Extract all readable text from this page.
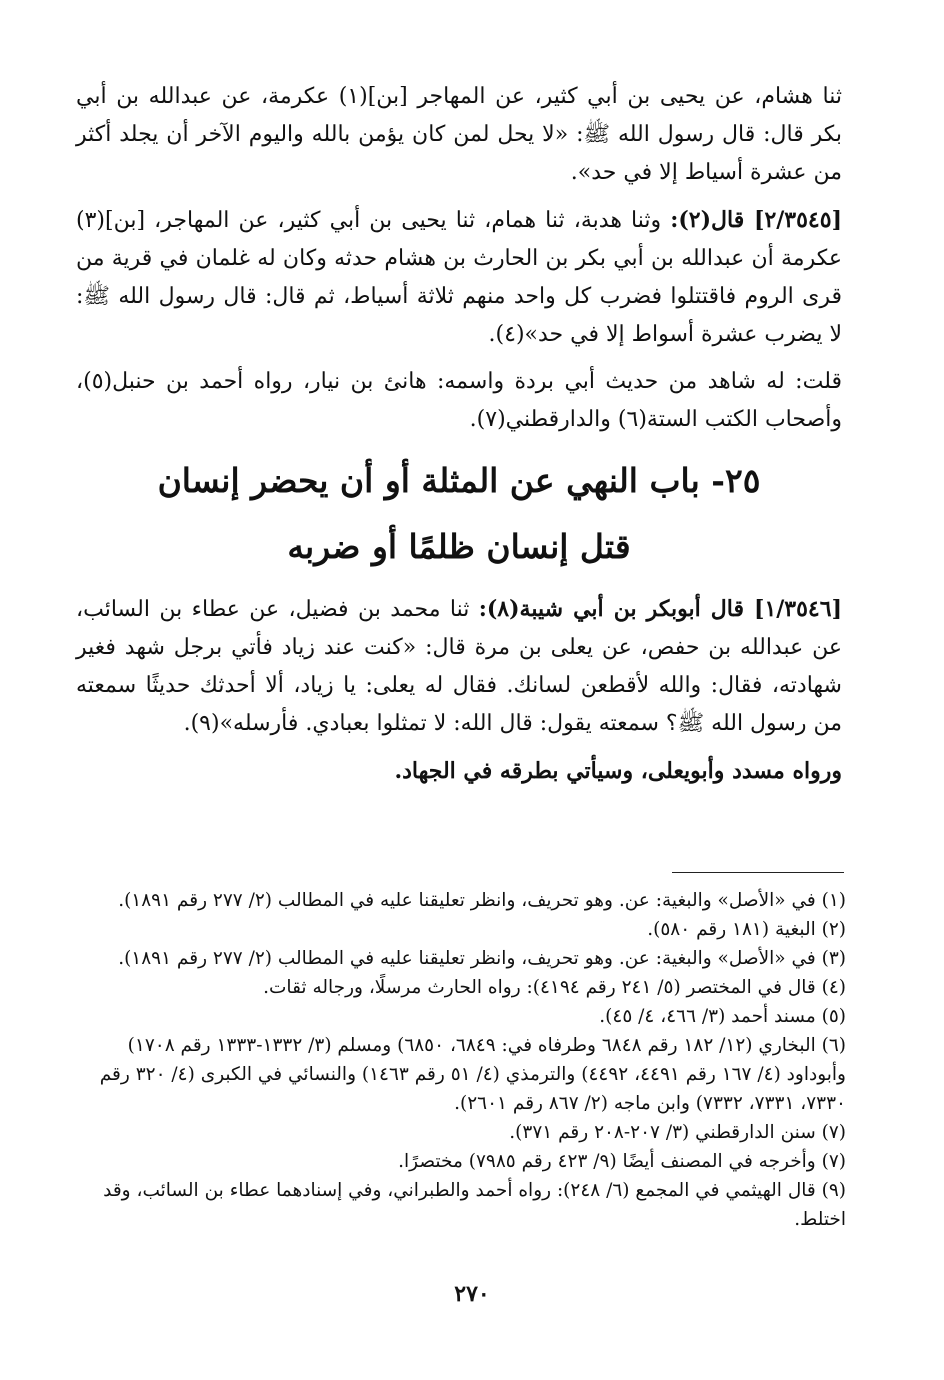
ثنا هشام، عن يحيى بن أبي كثير، عن المهاجر [بن](١) عكرمة، عن عبدالله بن أبي بكر قال: قال رسول الله ﷺ: «لا يحل لمن كان يؤمن بالله واليوم الآخر أن يجلد أكثر من عشرة أسياط إلا في حد».

[٢/٣٥٤٥] قال(٢): وثنا هدبة، ثنا همام، ثنا يحيى بن أبي كثير، عن المهاجر، [بن](٣) عكرمة أن عبدالله بن أبي بكر بن الحارث بن هشام حدثه وكان له غلمان في قرية من قرى الروم فاقتتلوا فضرب كل واحد منهم ثلاثة أسياط، ثم قال: قال رسول الله ﷺ: لا يضرب عشرة أسواط إلا في حد»(٤).

قلت: له شاهد من حديث أبي بردة واسمه: هانئ بن نيار، رواه أحمد بن حنبل(٥)، وأصحاب الكتب الستة(٦) والدارقطني(٧).

٢٥- باب النهي عن المثلة أو أن يحضر إنسان
قتل إنسان ظلمًا أو ضربه

[١/٣٥٤٦] قال أبوبكر بن أبي شيبة(٨): ثنا محمد بن فضيل، عن عطاء بن السائب، عن عبدالله بن حفص، عن يعلى بن مرة قال: «كنت عند زياد فأتي برجل شهد فغير شهادته، فقال: والله لأقطعن لسانك. فقال له يعلى: يا زياد، ألا أحدثك حديثًا سمعته من رسول الله ﷺ؟ سمعته يقول: قال الله: لا تمثلوا بعبادي. فأرسله»(٩).

ورواه مسدد وأبويعلى، وسيأتي بطرقه في الجهاد.

(١) في «الأصل» والبغية: عن. وهو تحريف، وانظر تعليقنا عليه في المطالب (٢/ ٢٧٧ رقم ١٨٩١).

(٢) البغية (١٨١ رقم ٥٨٠).

(٣) في «الأصل» والبغية: عن. وهو تحريف، وانظر تعليقنا عليه في المطالب (٢/ ٢٧٧ رقم ١٨٩١).

(٤) قال في المختصر (٥/ ٢٤١ رقم ٤١٩٤): رواه الحارث مرسلًا، ورجاله ثقات.

(٥) مسند أحمد (٣/ ٤٦٦، ٤/ ٤٥).

(٦) البخاري (١٢/ ١٨٢ رقم ٦٨٤٨ وطرفاه في: ٦٨٤٩، ٦٨٥٠) ومسلم (٣/ ١٣٣٢-١٣٣٣ رقم ١٧٠٨) وأبوداود (٤/ ١٦٧ رقم ٤٤٩١، ٤٤٩٢) والترمذي (٤/ ٥١ رقم ١٤٦٣) والنسائي في الكبرى (٤/ ٣٢٠ رقم ٧٣٣٠، ٧٣٣١، ٧٣٣٢) وابن ماجه (٢/ ٨٦٧ رقم ٢٦٠١).

(٧) سنن الدارقطني (٣/ ٢٠٧-٢٠٨ رقم ٣٧١).

(٧) وأخرجه في المصنف أيضًا (٩/ ٤٢٣ رقم ٧٩٨٥) مختصرًا.

(٩) قال الهيثمي في المجمع (٦/ ٢٤٨): رواه أحمد والطبراني، وفي إسنادهما عطاء بن السائب، وقد اختلط.

٢٧٠
